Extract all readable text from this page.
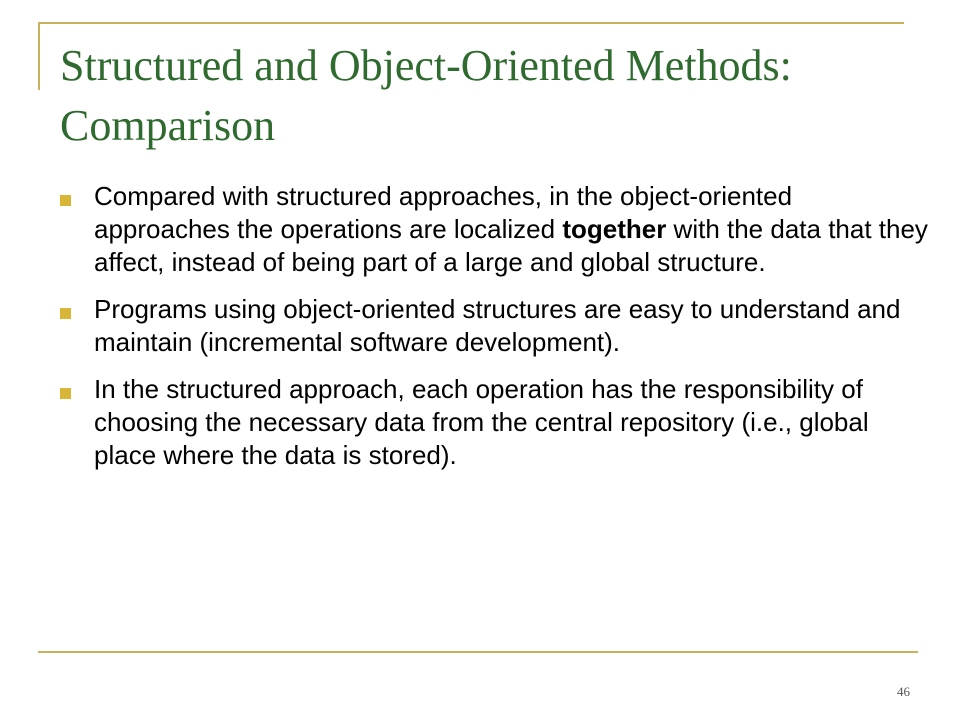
Structured and Object-Oriented Methods: Comparison
Compared with structured approaches, in the object-oriented approaches the operations are localized together with the data that they affect, instead of being part of a large and global structure.
Programs using object-oriented structures are easy to understand and maintain (incremental software development).
In the structured approach, each operation has the responsibility of choosing the necessary data from the central repository (i.e., global place where the data is stored).
46
